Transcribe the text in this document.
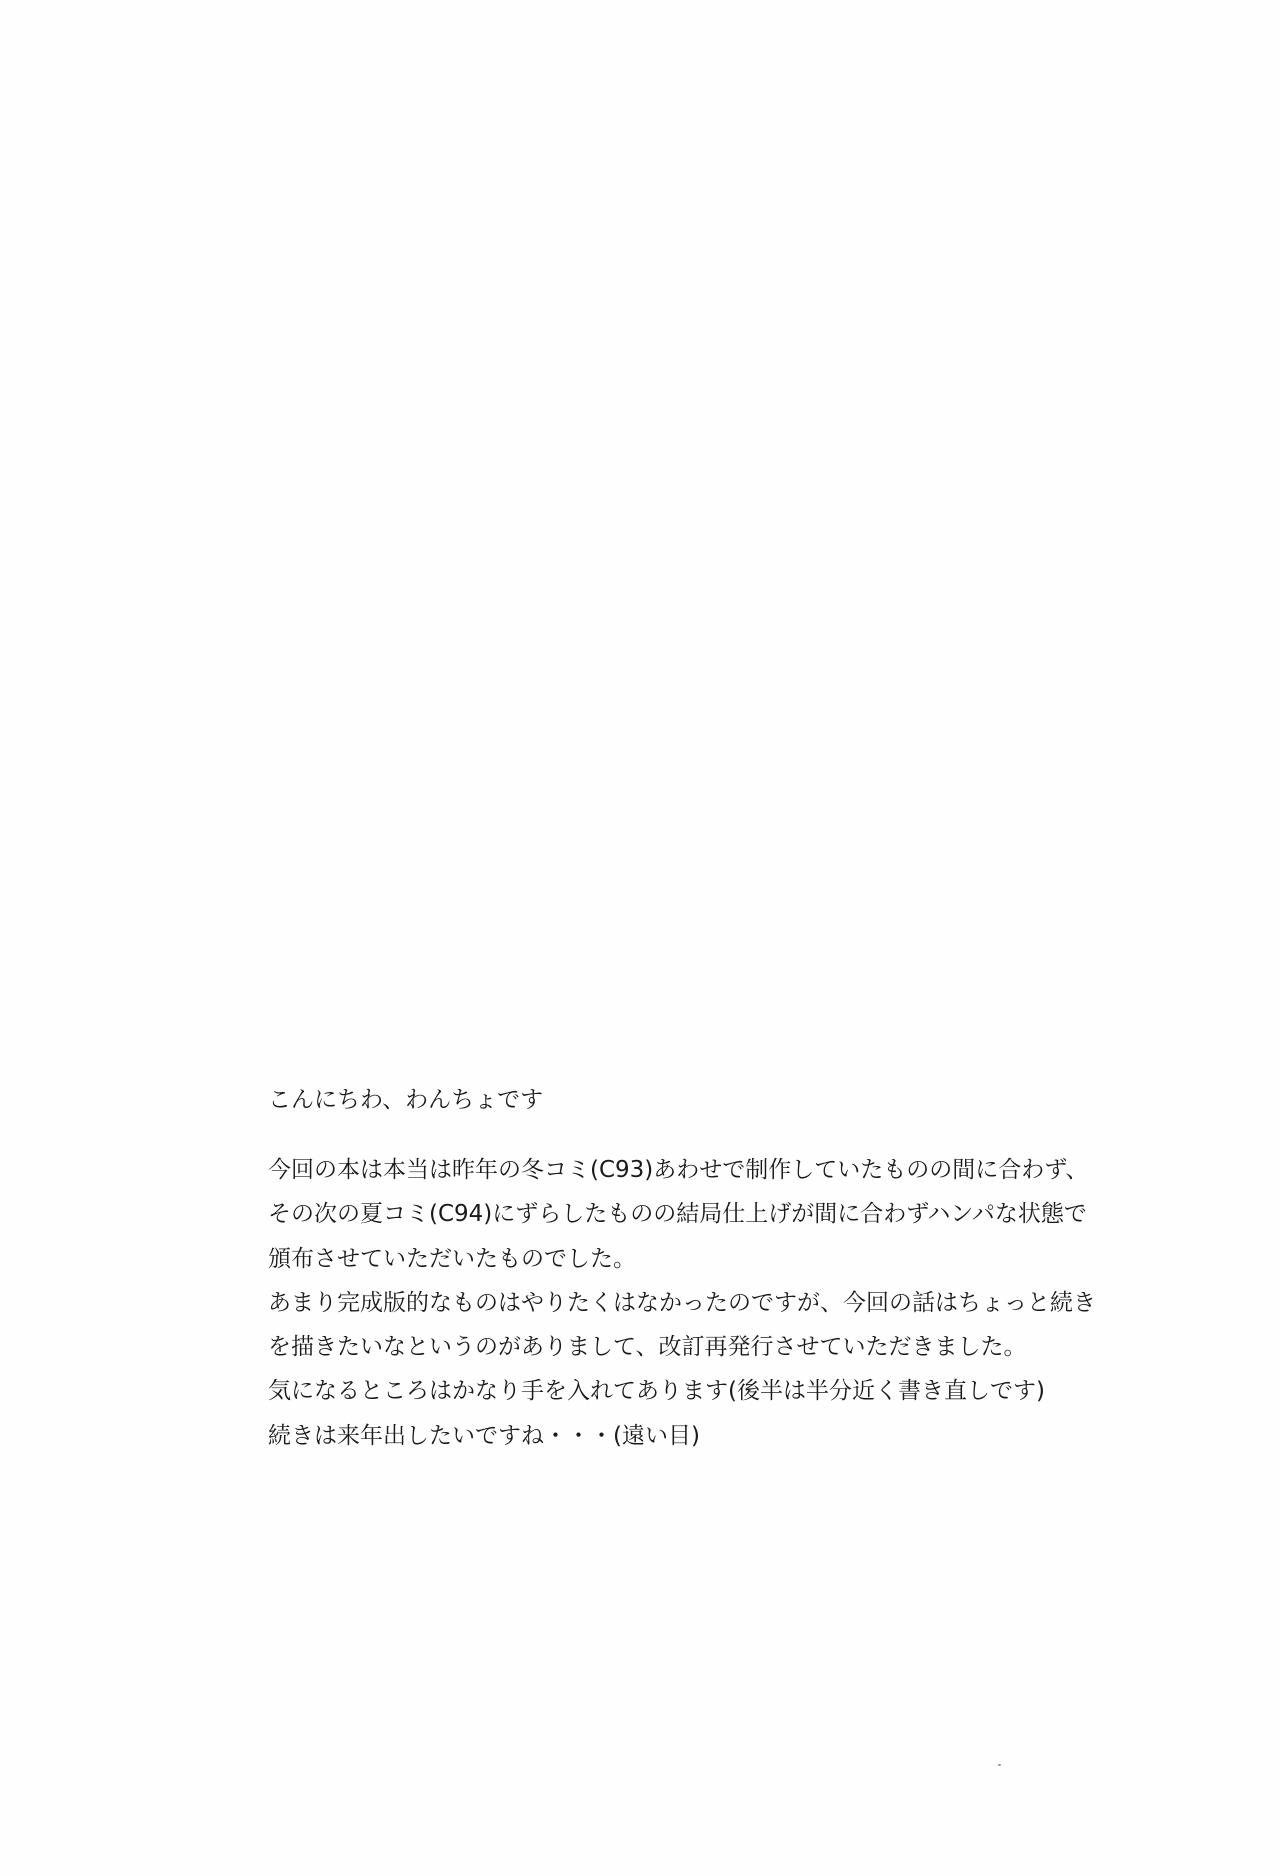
こんにちわ、わんちょです

今回の本は本当は昨年の冬コミ(C93)あわせで制作していたものの間に合わず、

その次の夏コミ(C94)にずらしたものの結局仕上げが間に合わずハンパな状態で

頒布させていただいたものでした。

あまり完成版的なものはやりたくはなかったのですが、今回の話はちょっと続き

を描きたいなというのがありまして、改訂再発行させていただきました。

気になるところはかなり手を入れてあります(後半は半分近く書き直しです)

続きは来年出したいですね・・・(遠い目)
